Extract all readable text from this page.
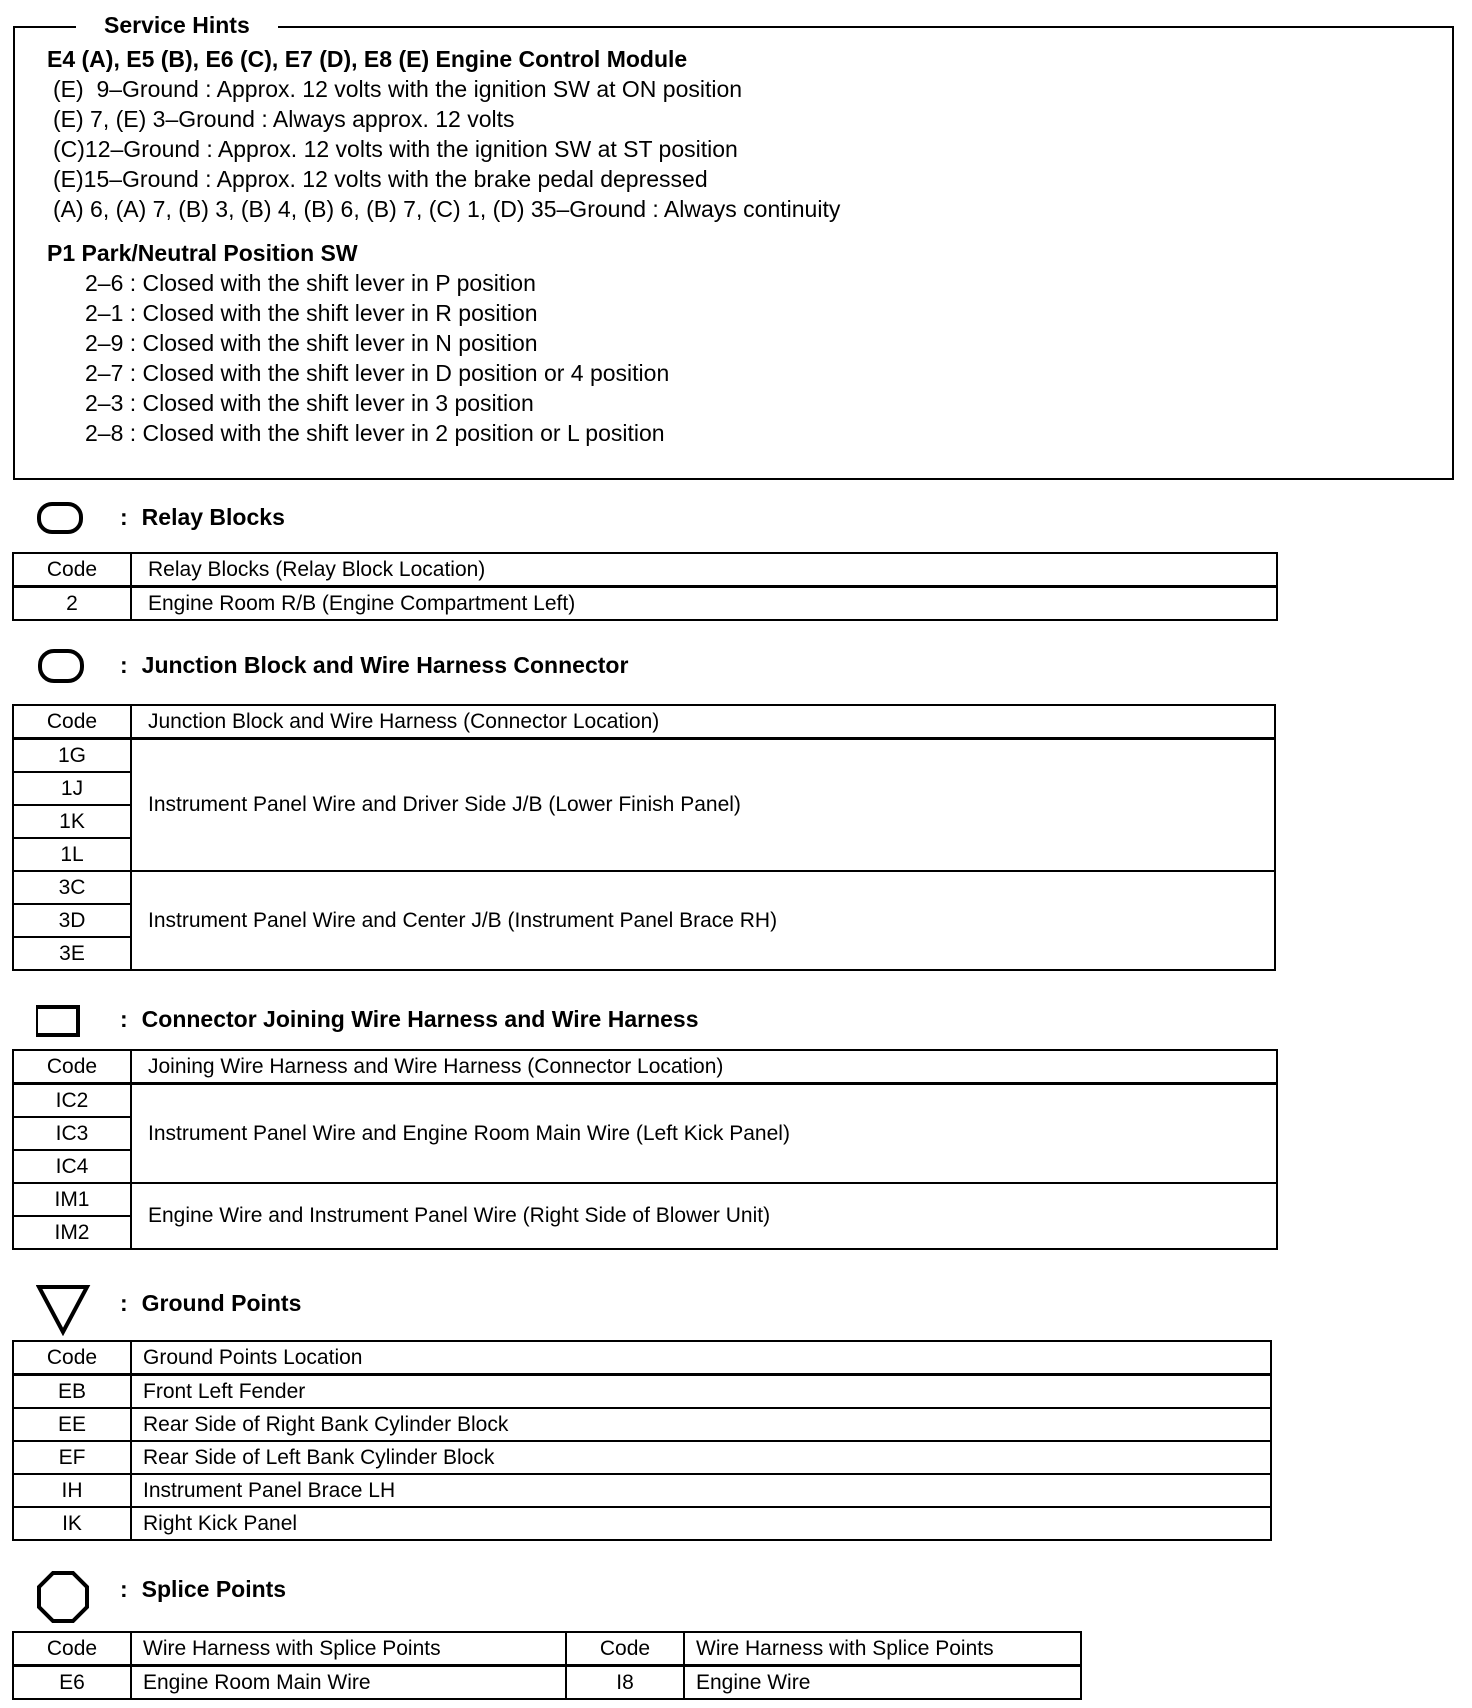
Service Hints

E4 (A), E5 (B), E6 (C), E7 (D), E8 (E) Engine Control Module

(E)  9–Ground : Approx. 12 volts with the ignition SW at ON position

(E) 7, (E) 3–Ground : Always approx. 12 volts

(C)12–Ground : Approx. 12 volts with the ignition SW at ST position

(E)15–Ground : Approx. 12 volts with the brake pedal depressed

(A) 6, (A) 7, (B) 3, (B) 4, (B) 6, (B) 7, (C) 1, (D) 35–Ground : Always continuity

P1 Park/Neutral Position SW

2–6 : Closed with the shift lever in P position

2–1 : Closed with the shift lever in R position

2–9 : Closed with the shift lever in N position

2–7 : Closed with the shift lever in D position or 4 position

2–3 : Closed with the shift lever in 3 position

2–8 : Closed with the shift lever in 2 position or L position

: Relay Blocks
Code	Relay Blocks (Relay Block Location)
2	Engine Room R/B (Engine Compartment Left)
: Junction Block and Wire Harness Connector
Code	Junction Block and Wire Harness (Connector Location)
1G	Instrument Panel Wire and Driver Side J/B (Lower Finish Panel)
1J	
1K	
1L	
3C	Instrument Panel Wire and Center J/B (Instrument Panel Brace RH)
3D	
3E	
: Connector Joining Wire Harness and Wire Harness
Code	Joining Wire Harness and Wire Harness (Connector Location)
IC2	Instrument Panel Wire and Engine Room Main Wire (Left Kick Panel)
IC3	
IC4	
IM1	Engine Wire and Instrument Panel Wire (Right Side of Blower Unit)
IM2	
: Ground Points
Code	Ground Points Location
EB	Front Left Fender
EE	Rear Side of Right Bank Cylinder Block
EF	Rear Side of Left Bank Cylinder Block
IH	Instrument Panel Brace LH
IK	Right Kick Panel
: Splice Points
Code	Wire Harness with Splice Points	Code	Wire Harness with Splice Points
E6	Engine Room Main Wire	I8	Engine Wire
